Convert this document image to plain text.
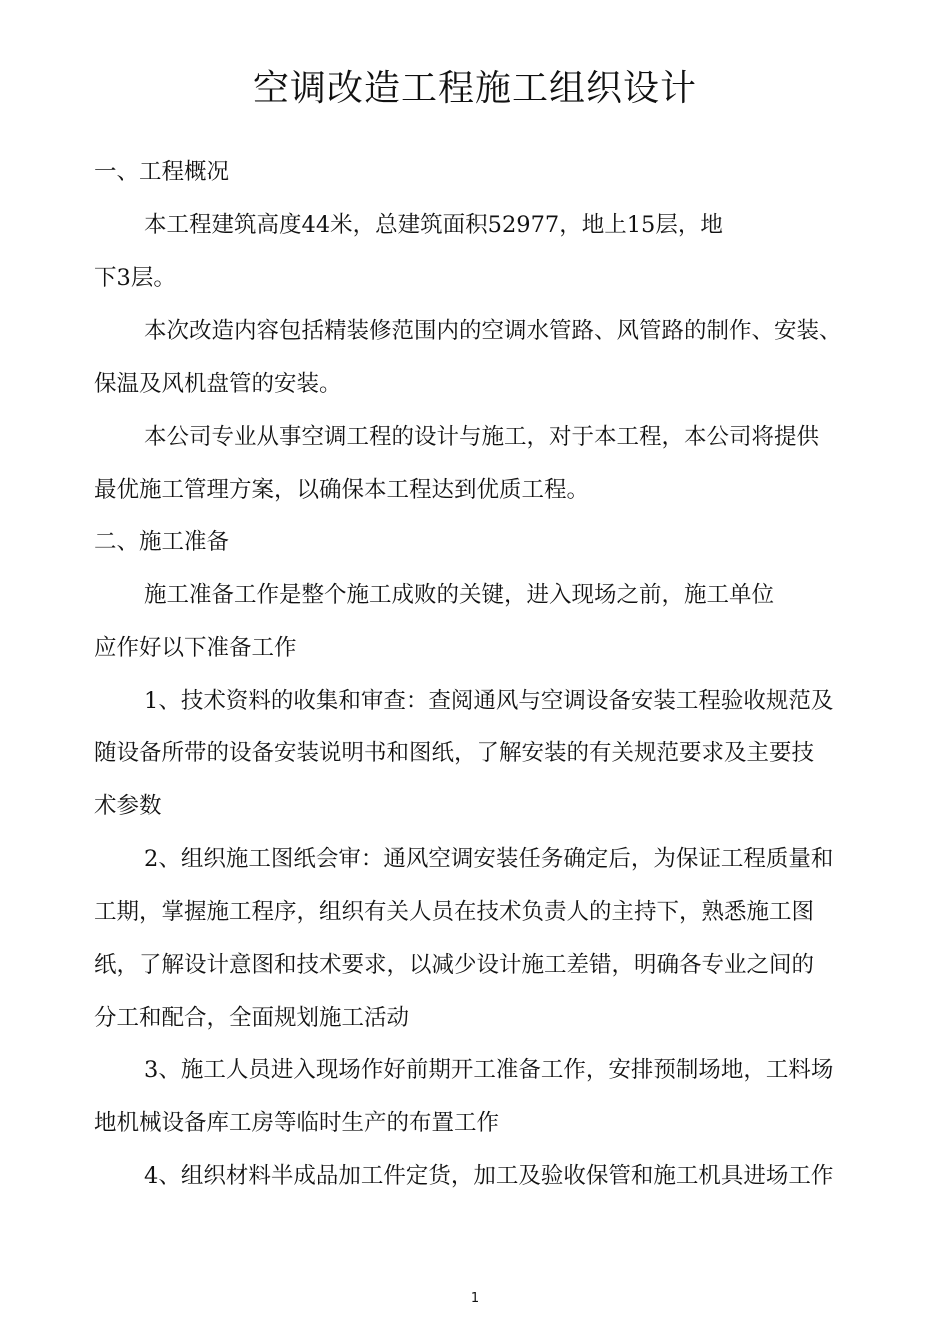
空调改造工程施工组织设计
一、工程概况
本工程建筑高度44米，总建筑面积52977，地上15层，地
下3层。
本次改造内容包括精装修范围内的空调水管路、风管路的制作、安装、
保温及风机盘管的安装。
本公司专业从事空调工程的设计与施工，对于本工程，本公司将提供
最优施工管理方案，以确保本工程达到优质工程。
二、施工准备
施工准备工作是整个施工成败的关键，进入现场之前，施工单位
应作好以下准备工作
1、技术资料的收集和审查：查阅通风与空调设备安装工程验收规范及
随设备所带的设备安装说明书和图纸，了解安装的有关规范要求及主要技
术参数
2、组织施工图纸会审：通风空调安装任务确定后，为保证工程质量和
工期，掌握施工程序，组织有关人员在技术负责人的主持下，熟悉施工图
纸，了解设计意图和技术要求，以减少设计施工差错，明确各专业之间的
分工和配合，全面规划施工活动
3、施工人员进入现场作好前期开工准备工作，安排预制场地，工料场
地机械设备库工房等临时生产的布置工作
4、组织材料半成品加工件定货，加工及验收保管和施工机具进场工作
1
